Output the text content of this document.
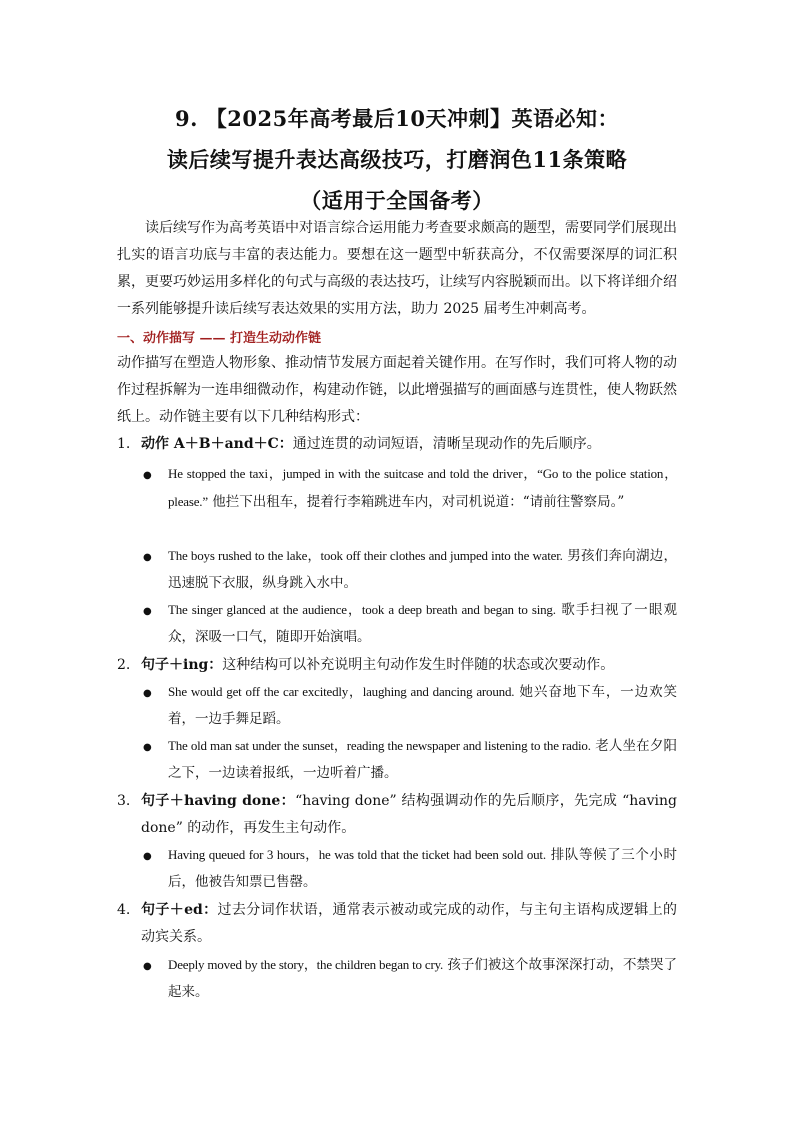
9. 【2025年高考最后10天冲刺】英语必知：
读后续写提升表达高级技巧，打磨润色11条策略
（适用于全国备考）
读后续写作为高考英语中对语言综合运用能力考查要求颇高的题型，需要同学们展现出扎实的语言功底与丰富的表达能力。要想在这一题型中斩获高分，不仅需要深厚的词汇积累，更要巧妙运用多样化的句式与高级的表达技巧，让续写内容脱颖而出。以下将详细介绍一系列能够提升读后续写表达效果的实用方法，助力 2025 届考生冲刺高考。
一、动作描写 —— 打造生动动作链
动作描写在塑造人物形象、推动情节发展方面起着关键作用。在写作时，我们可将人物的动作过程拆解为一连串细微动作，构建动作链，以此增强描写的画面感与连贯性，使人物跃然纸上。动作链主要有以下几种结构形式：
1. 动作 A＋B＋and＋C：通过连贯的动词短语，清晰呈现动作的先后顺序。
● He stopped the taxi，jumped in with the suitcase and told the driver，“Go to the police station，please.” 他拦下出租车，提着行李箱跳进车内，对司机说道：“请前往警察局。”
● The boys rushed to the lake，took off their clothes and jumped into the water. 男孩们奔向湖边，迅速脱下衣服，纵身跳入水中。
● The singer glanced at the audience，took a deep breath and began to sing. 歌手扫视了一眼观众，深吸一口气，随即开始演唱。
2. 句子＋ing：这种结构可以补充说明主句动作发生时伴随的状态或次要动作。
● She would get off the car excitedly，laughing and dancing around. 她兴奋地下车，一边欢笑着，一边手舞足蹈。
● The old man sat under the sunset，reading the newspaper and listening to the radio. 老人坐在夕阳之下，一边读着报纸，一边听着广播。
3. 句子＋having done：“having done” 结构强调动作的先后顺序，先完成 “having done” 的动作，再发生主句动作。
● Having queued for 3 hours，he was told that the ticket had been sold out. 排队等候了三个小时后，他被告知票已售罄。
4. 句子＋ed：过去分词作状语，通常表示被动或完成的动作，与主句主语构成逻辑上的动宾关系。
● Deeply moved by the story，the children began to cry. 孩子们被这个故事深深打动，不禁哭了起来。
